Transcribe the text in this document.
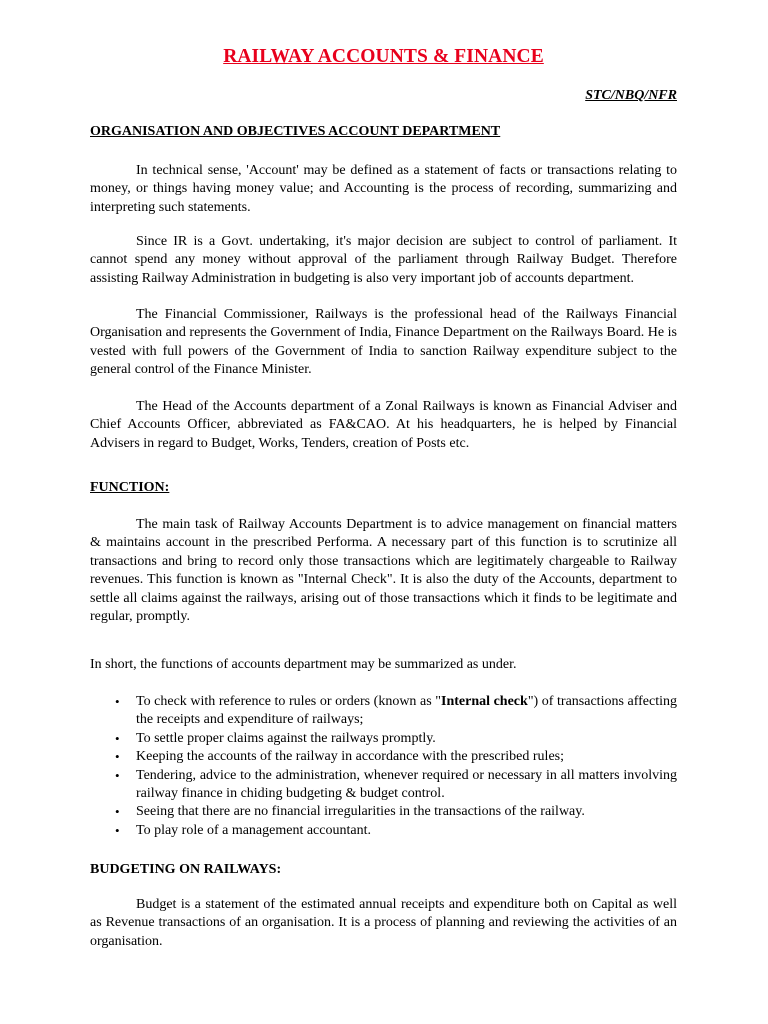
RAILWAY ACCOUNTS & FINANCE
STC/NBQ/NFR
ORGANISATION AND OBJECTIVES ACCOUNT DEPARTMENT

In technical sense, 'Account' may be defined as a statement of facts or transactions relating to money, or things having money value; and Accounting is the process of recording, summarizing and interpreting such statements.

Since IR is a Govt. undertaking, it's major decision are subject to control of parliament. It cannot spend any money without approval of the parliament through Railway Budget. Therefore assisting Railway Administration in budgeting is also very important job of accounts department.

The Financial Commissioner, Railways is the professional head of the Railways Financial Organisation and represents the Government of India, Finance Department on the Railways Board. He is vested with full powers of the Government of India to sanction Railway expenditure subject to the general control of the Finance Minister.

The Head of the Accounts department of a Zonal Railways is known as Financial Adviser and Chief Accounts Officer, abbreviated as FA&CAO. At his headquarters, he is helped by Financial Advisers in regard to Budget, Works, Tenders, creation of Posts etc.

FUNCTION:

The main task of Railway Accounts Department is to advice management on financial matters & maintains account in the prescribed Performa. A necessary part of this function is to scrutinize all transactions and bring to record only those transactions which are legitimately chargeable to Railway revenues. This function is known as "Internal Check". It is also the duty of the Accounts, department to settle all claims against the railways, arising out of those transactions which it finds to be legitimate and regular, promptly.

In short, the functions of accounts department may be summarized as under.

• To check with reference to rules or orders (known as "Internal check") of transactions affecting the receipts and expenditure of railways;
• To settle proper claims against the railways promptly.
• Keeping the accounts of the railway in accordance with the prescribed rules;
• Tendering, advice to the administration, whenever required or necessary in all matters involving railway finance in chiding budgeting & budget control.
• Seeing that there are no financial irregularities in the transactions of the railway.
• To play role of a management accountant.
BUDGETING ON RAILWAYS:

Budget is a statement of the estimated annual receipts and expenditure both on Capital as well as Revenue transactions of an organisation. It is a process of planning and reviewing the activities of an organisation.
